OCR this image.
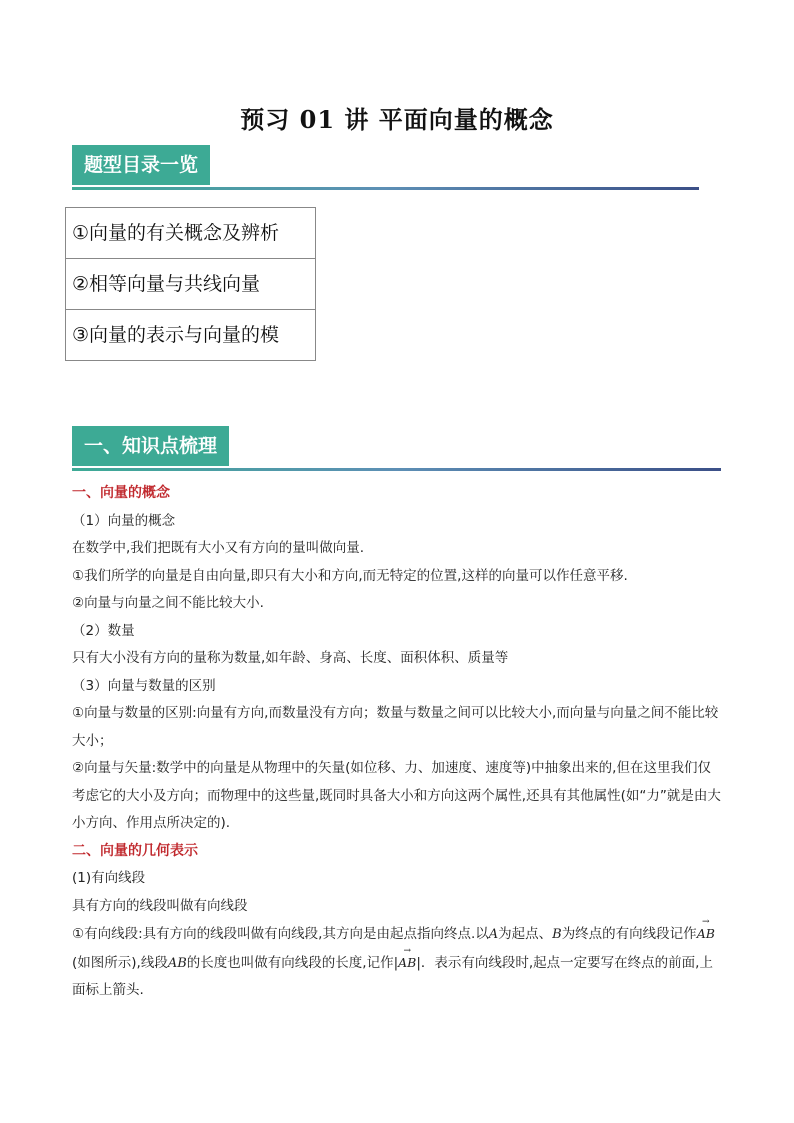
预习 01 讲 平面向量的概念
题型目录一览
①向量的有关概念及辨析
②相等向量与共线向量
③向量的表示与向量的模
一、知识点梳理

一、向量的概念

（1）向量的概念

在数学中,我们把既有大小又有方向的量叫做向量.

①我们所学的向量是自由向量,即只有大小和方向,而无特定的位置,这样的向量可以作任意平移.

②向量与向量之间不能比较大小.

（2）数量

只有大小没有方向的量称为数量,如年龄、身高、长度、面积体积、质量等

（3）向量与数量的区别

①向量与数量的区别:向量有方向,而数量没有方向；数量与数量之间可以比较大小,而向量与向量之间不能比较大小；

②向量与矢量:数学中的向量是从物理中的矢量(如位移、力、加速度、速度等)中抽象出来的,但在这里我们仅考虑它的大小及方向；而物理中的这些量,既同时具备大小和方向这两个属性,还具有其他属性(如“力”就是由大小方向、作用点所决定的).

二、向量的几何表示

(1)有向线段

具有方向的线段叫做有向线段

①有向线段:具有方向的线段叫做有向线段,其方向是由起点指向终点.以A为起点、B为终点的有向线段记作→ AB(如图所示),线段AB的长度也叫做有向线段的长度,记作|→ AB|．表示有向线段时,起点一定要写在终点的前面,上面标上箭头.
